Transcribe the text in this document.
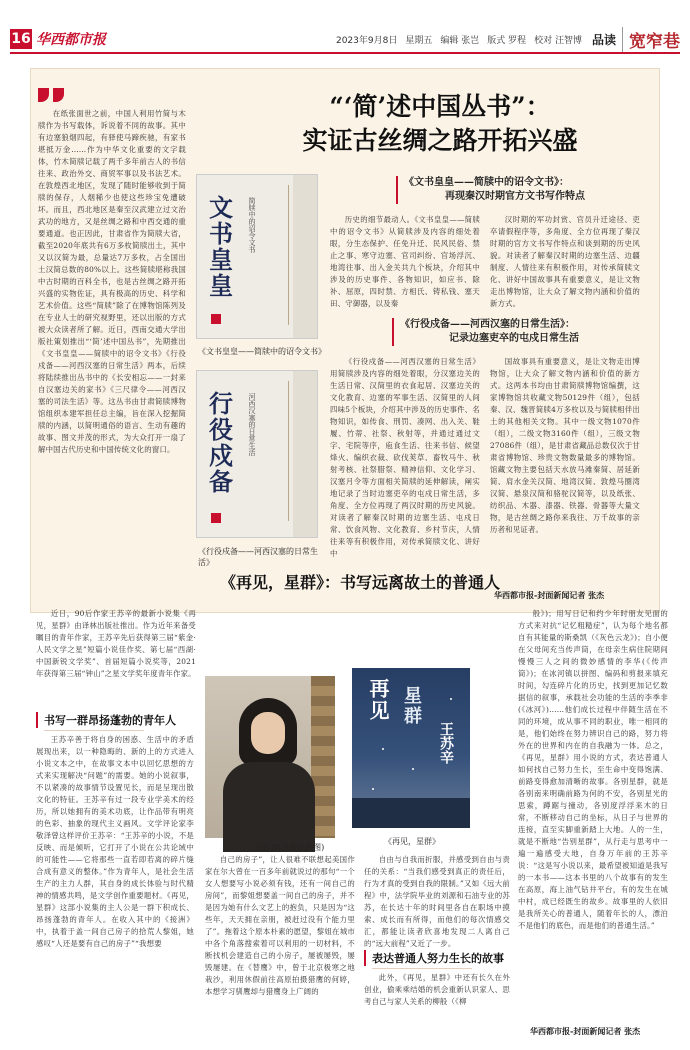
16 华西都市报	2023年9月8日 星期五 编辑 张岂 版式 罗程 校对 汪智博 品读 宽窄巷
“‘简’述中国丛书”：
实证古丝绸之路开拓兴盛

在纸张面世之前，中国人利用竹简与木牍作为书写载体，诉说着不同的故事。其中有边塞狼烟四起，有驿使马蹄疾驰，有家书堪抵万金……作为中华文化重要的文字载体，竹木简牍记载了两千多年前古人的书信往来、政治外交、商贸军事以及书法艺术。在敦煌西北地区，发现了随时能够收到于简牍的保存，人烟稀少也使这些珍宝免遭破坏。而且，西北地区是秦至汉武建立过文治武功的地方，又是丝绸之路和中西交通的重要通道。也正因此，甘肃省作为简牍大省，截至2020年底共有6万多枚简牍出土，其中又以汉简为最，总量达7万多枚，占全国出土汉简总数的80%以上。这些简牍堪称我国中古时期的百科全书，也是古丝绸之路开拓兴盛的实物佐证，具有极高的历史、科学和艺术价值。这些“简牍”除了在博物馆陈列及在专业人士的研究视野里，还以出版的方式被大众读者所了解。近日，西南交通大学出版社策划推出“‘简’述中国丛书”，先期推出《文书皇皇——简牍中的诏令文书》《行役戍备——河西汉塞的日常生活》两本，后续将陆续推出丛书中的《长安相忘——一封来自汉塞边关的家书》《三尺律令——河西汉塞的司法生活》等。这丛书由甘肃简牍博物馆组织本建军担任总主编，旨在深入挖掘简牍的内涵，以简明通俗的语言、生动有趣的故事、图文并茂的形式，为大众打开一扇了解中国古代历史和中国传统文化的窗口。

文书皇皇
简牍中的诏令文书
《文书皇皇——简牍中的诏令文书》
行役戍备
河西汉塞的日常生活
《行役戍备——河西汉塞的日常生活》
《文书皇皇——简牍中的诏令文书》：
再现秦汉时期官方文书写作特点

历史的细节最动人。《文书皇皇——简牍中的诏令文书》从简牍涉及内容的细处着眼，分生态保护、任免升迁、民风民俗、禁止之事、寒守边塞、官司纠纷、官场浮沉、地湾往事、出入金关共九个板块，介绍其中涉及的历史事件、各物知识，如应书、除补、屈原，四时禁、方相氏、铸私钱、塞天田、守御器，以及秦

汉时期的军功封赏、官员升迁途径、吏卒请假程序等，多角度、全方位再现了秦汉时期的官方文书写作特点和谈到期的历史风貌。对读者了解秦汉时期的边塞生活、边疆制度、人情往来有积极作用，对传承简牍文化、讲好中国故事具有重要意义，是让文物走出博物馆，让大众了解文物内涵和价值的新方式。

《行役戍备——河西汉塞的日常生活》：
记录边塞吏卒的屯戍日常生活

《行役戍备——河西汉塞的日常生活》用简牍涉及内容的细处着眼，分汉塞边关的生活日常、汉简里的衣食起居、汉塞边关的文化教育、边塞的军事生活、汉简里的人间四味5个板块，介绍其中涉及的历史事件、名物知识，如传食、刑罚、凑网、出入关、鞋履、竹蒂、社祭、秋射等，并通过通过文字、宅院等序，庖食生活、往来书信、候望烽火、编织衣裁、砍伐荚草、畜牧马牛、秋射考核、社祭腊祭、精神信仰、文化学习、汉塞月令等方面相关简牍的延伸解读，阐实地记录了当时边塞吏卒的屯戍日常生活，多角度、全方位再现了两汉时期的历史风貌。对读者了解秦汉时期的边塞生活、屯戍日常、饮食风物、文化教育、乡村节庆，人情往来等有积极作用，对传承简牍文化、讲好中

国故事具有重要意义，是让文物走出博物馆，让大众了解文物内涵和价值的新方式。这两本书均由甘肃简牍博物馆编撰，这家博物馆共收藏文物50129件（组），包括秦、汉、魏晋简牍4万多枚以及与简牍相伴出土的其他相关文物。其中一级文物1070件（组），二级文物3160件（组），三级文物27086件（组），是甘肃省藏品总数仅次于甘肃省博物馆、珍贵文物数量最多的博物馆。馆藏文物主要包括天水放马滩秦简、居延新简、肩水金关汉简、地湾汉简、敦煌马圈湾汉简、悬泉汉简和骆驼汉简等，以及纸张、纺织品、木器、漆器、铁器、骨器等大量文物，是古丝绸之路你来我往、万千故事的亲历者和见证者。

华西都市报-封面新闻记者 张杰
《再见，星群》：书写远离故土的普通人

近日，90后作家王苏辛的最新小说集《再见，星群》由译林出版社推出。作为近年来备受瞩目的青年作家，王苏辛先后获得第三届“紫金·人民文学之星”短篇小说佳作奖、第七届“西湖·中国新锐文学奖”、首届短篇小说奖等，2021年获得第三届“钟山”之星文学奖年度青年作家。

书写一群昂扬蓬勃的青年人

王苏辛善于将自身的困惑、生活中的矛盾展现出来，以一种隐晦的、新的上的方式进入小说文本之中，在故事文本中以回忆思想的方式来实现解决“问题”的需要。她的小说叙事，不以紧凑的故事情节设置见长，而是呈现出散文化的特征。王苏辛有过一段专业学美术的经历，所以她拥有的美术功底，让作品带有明亮的色彩、抽象的现代主义画风。文学评论家李敬泽曾这样评价王苏辛：“王苏辛的小说，不是反映、而是倾听，它打开了小说在公共论域中的可能性——它将那些一直若即若离的碎片缝合成有意义的整体。”作为青年人，是社会生活生产的主力人群，其自身的成长体验与时代精神的情感共鸣，是文学创作重要题材。《再见，星群》这部小说集的主人公是一群下积成长、昂扬蓬勃的青年人。在收入其中的《接洲》中，执着于盖一间自己房子的拾荒人黎姐，她感叹“人还是要有自己的房子”“我想要

王苏辛(出版社供图)
再见 星群
王苏辛
《再见，星群》

自己的房子”，让人很难不联想起美国作家在尔大曾在一百多年前就说过的那句“一个女人想要写小说必须有钱，还有一间自己的房间”，而黎姐想要盖一间自己的房子，并不是因为她有什么文艺上的抱负，只是因为“这些年，天天拥在亲朋，被赶过没有个能力里了”。拖着这个原本朴素的愿望，黎姐在城市中各个角落搜索着可以利用的一切材料，不断找机会建造自己的小房子，屡被屡毁，屡毁屡建。在《替鹰》中，曾于北京极寒之地栽沙，利用休假前往高原拍摄猎鹰的何婷，本想学习驯鹰却与猎鹰身上广阔的

自由与自我而折服，并感受到自由与责任的关系：“当我们感受到真正的责任后，行为才真的受到自我的限制。”又如《远大前程》中，法学院毕业的刘源和石油专业的苏苏，在长达十年的时间里各自在职场中摸索、成长而有所得，而他们的每次情感交汇，都能让读者欣喜地发现二人离自己的“远大前程”又近了一步。

表达普通人努力生长的故事

此外，《再见，星群》中还有长久在外创业，偷乘乘结婚的机会重新认识家人、思考自己与家人关系的柳般（《柳

般》)；用写日记和约少年时朋友见面的方式来对抗“记忆粗糙症”，认为每个地名都自有其能量的斯桑凯（《灰色云龙》)；自小便在父母间充当传声筒，在母亲生病住院期间慢慢三人之间的微妙感情的李华(《传声筒》)；在冰河镇以拼图、编码和剪报来填充时间，勾连碎片化的历史，找到更加记忆数据信的叙事，承载社会功能的生活的李季非(《冰河》)……他们成长过程中伴随生活在不同的环境，成从事不同的职业，唯一相同的是，他们始终在努力辨识自己的路，努力将外在的世界和内在的自我融为一体。总之，《再见，星群》用小说的方式，表达普通人如何找自己努力生长，至生命中变得饱满、前路变得愈加清晰的故事。各别星群，就是各别南来明确前路为何的不安，各别星光的思索，蹲踞与撞动，各别度浮浮来木的日常，不断移动自己的坐标，从日子与世界的连接，直至实脚重新踏上大地。人的一生，就是不断地“告别星群”，从行走与思考中一遍一遍感受大地，自身万年前的王苏辛说：“这是写小说以来，最希望被知道是我写的一本书——这本书里的八个故事有的发生在高原，海上油气钻井平台，有的发生在城中村，成已经既生的故乡。故事里的人依旧是我所关心的普通人，随着年长的人，漂泊不是他们的底色，而是他们的普通生活。”

华西都市报-封面新闻记者 张杰
